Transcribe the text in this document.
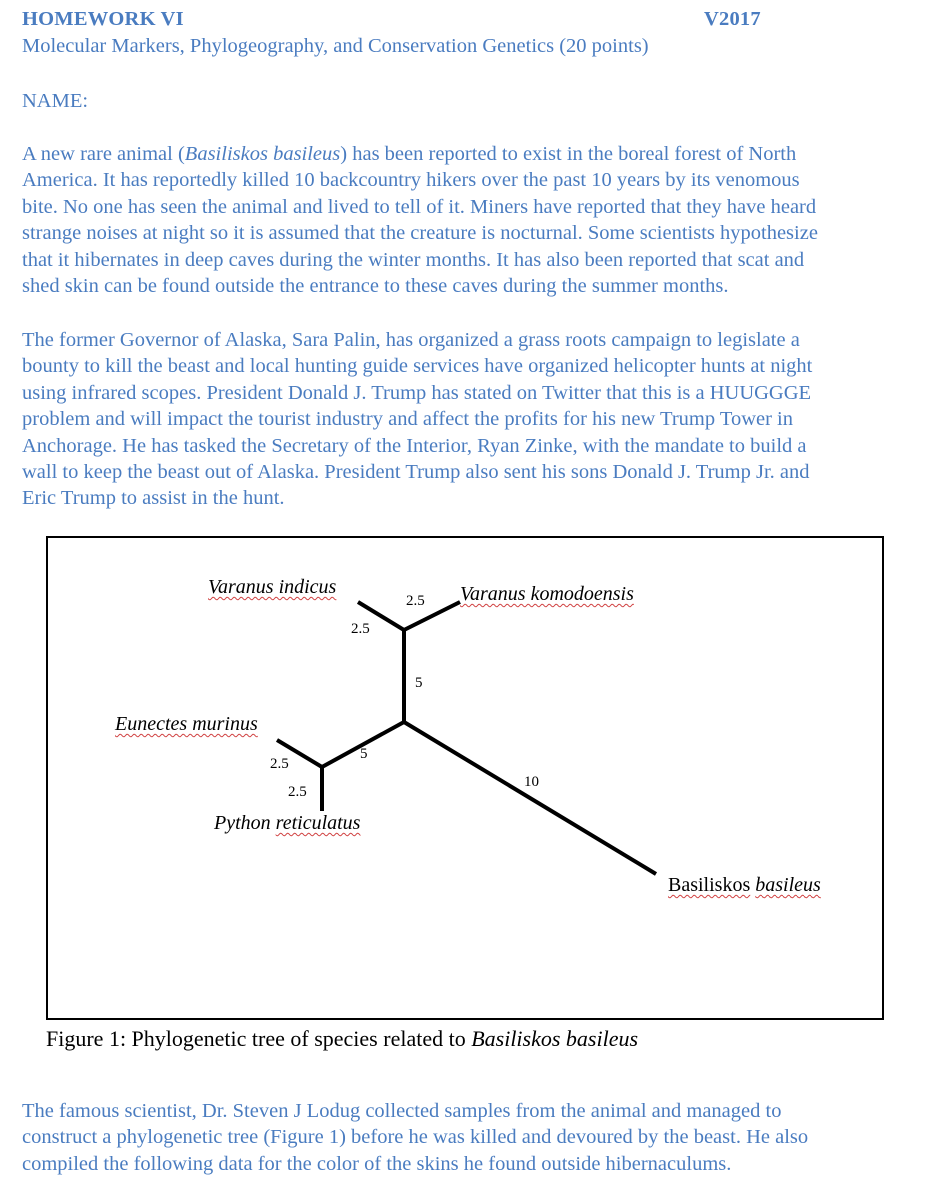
HOMEWORK VI	V2017
Molecular Markers, Phylogeography, and Conservation Genetics (20 points)
NAME:
A new rare animal (Basiliskos basileus) has been reported to exist in the boreal forest of North
America. It has reportedly killed 10 backcountry hikers over the past 10 years by its venomous
bite. No one has seen the animal and lived to tell of it. Miners have reported that they have heard
strange noises at night so it is assumed that the creature is nocturnal. Some scientists hypothesize
that it hibernates in deep caves during the winter months. It has also been reported that scat and
shed skin can be found outside the entrance to these caves during the summer months.
The former Governor of Alaska, Sara Palin, has organized a grass roots campaign to legislate a
bounty to kill the beast and local hunting guide services have organized helicopter hunts at night
using infrared scopes. President Donald J. Trump has stated on Twitter that this is a HUUGGGE
problem and will impact the tourist industry and affect the profits for his new Trump Tower in
Anchorage. He has tasked the Secretary of the Interior, Ryan Zinke, with the mandate to build a
wall to keep the beast out of Alaska. President Trump also sent his sons Donald J. Trump Jr. and
Eric Trump to assist in the hunt.
Varanus indicus	Varanus komodoensis
Eunectes murinus
Python reticulatus
Basiliskos basileus
2.5
2.5
5
5
2.5
2.5
10
Figure 1: Phylogenetic tree of species related to Basiliskos basileus
The famous scientist, Dr. Steven J Lodug collected samples from the animal and managed to
construct a phylogenetic tree (Figure 1) before he was killed and devoured by the beast. He also
compiled the following data for the color of the skins he found outside hibernaculums.
